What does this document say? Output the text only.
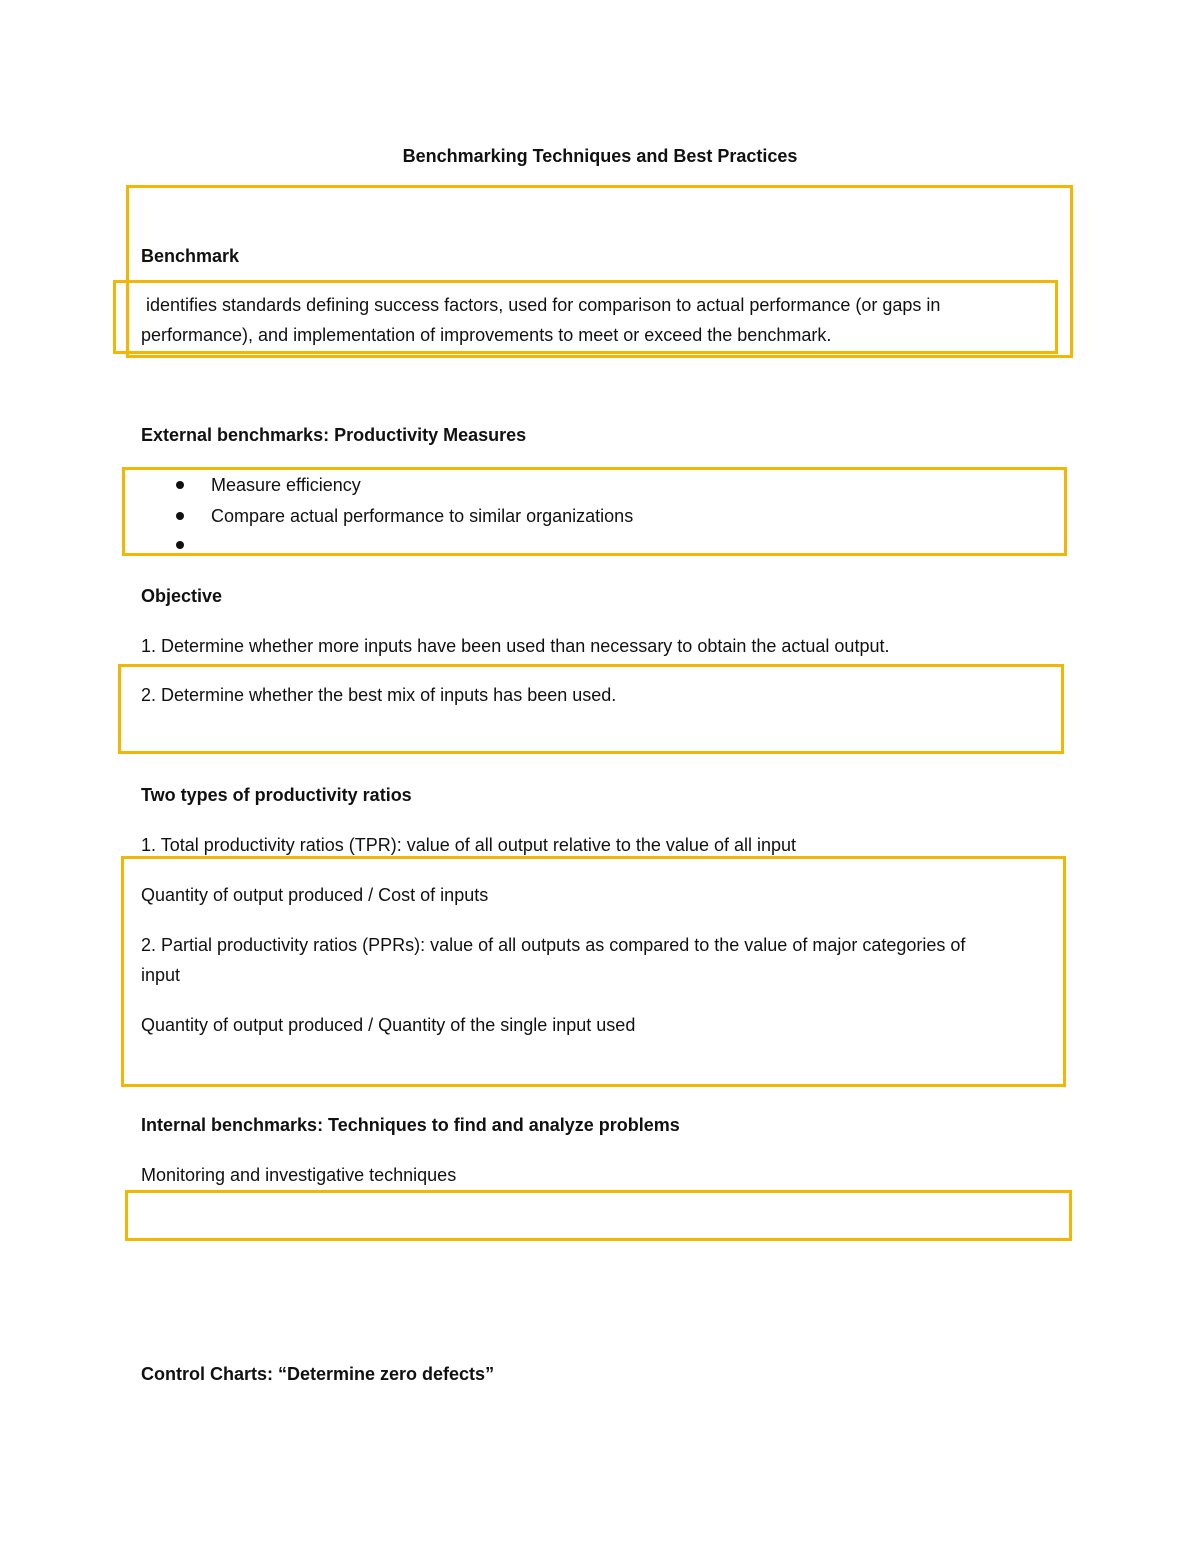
Benchmarking Techniques and Best Practices

Benchmark

identifies standards defining success factors, used for comparison to actual performance (or gaps in

performance), and implementation of improvements to meet or exceed the benchmark.

External benchmarks: Productivity Measures

Measure efficiency

Compare actual performance to similar organizations

Objective

1. Determine whether more inputs have been used than necessary to obtain the actual output.

2. Determine whether the best mix of inputs has been used.

Two types of productivity ratios

1. Total productivity ratios (TPR): value of all output relative to the value of all input

Quantity of output produced / Cost of inputs

2. Partial productivity ratios (PPRs): value of all outputs as compared to the value of major categories of

input

Quantity of output produced / Quantity of the single input used

Internal benchmarks: Techniques to find and analyze problems

Monitoring and investigative techniques

Control Charts: “Determine zero defects”
